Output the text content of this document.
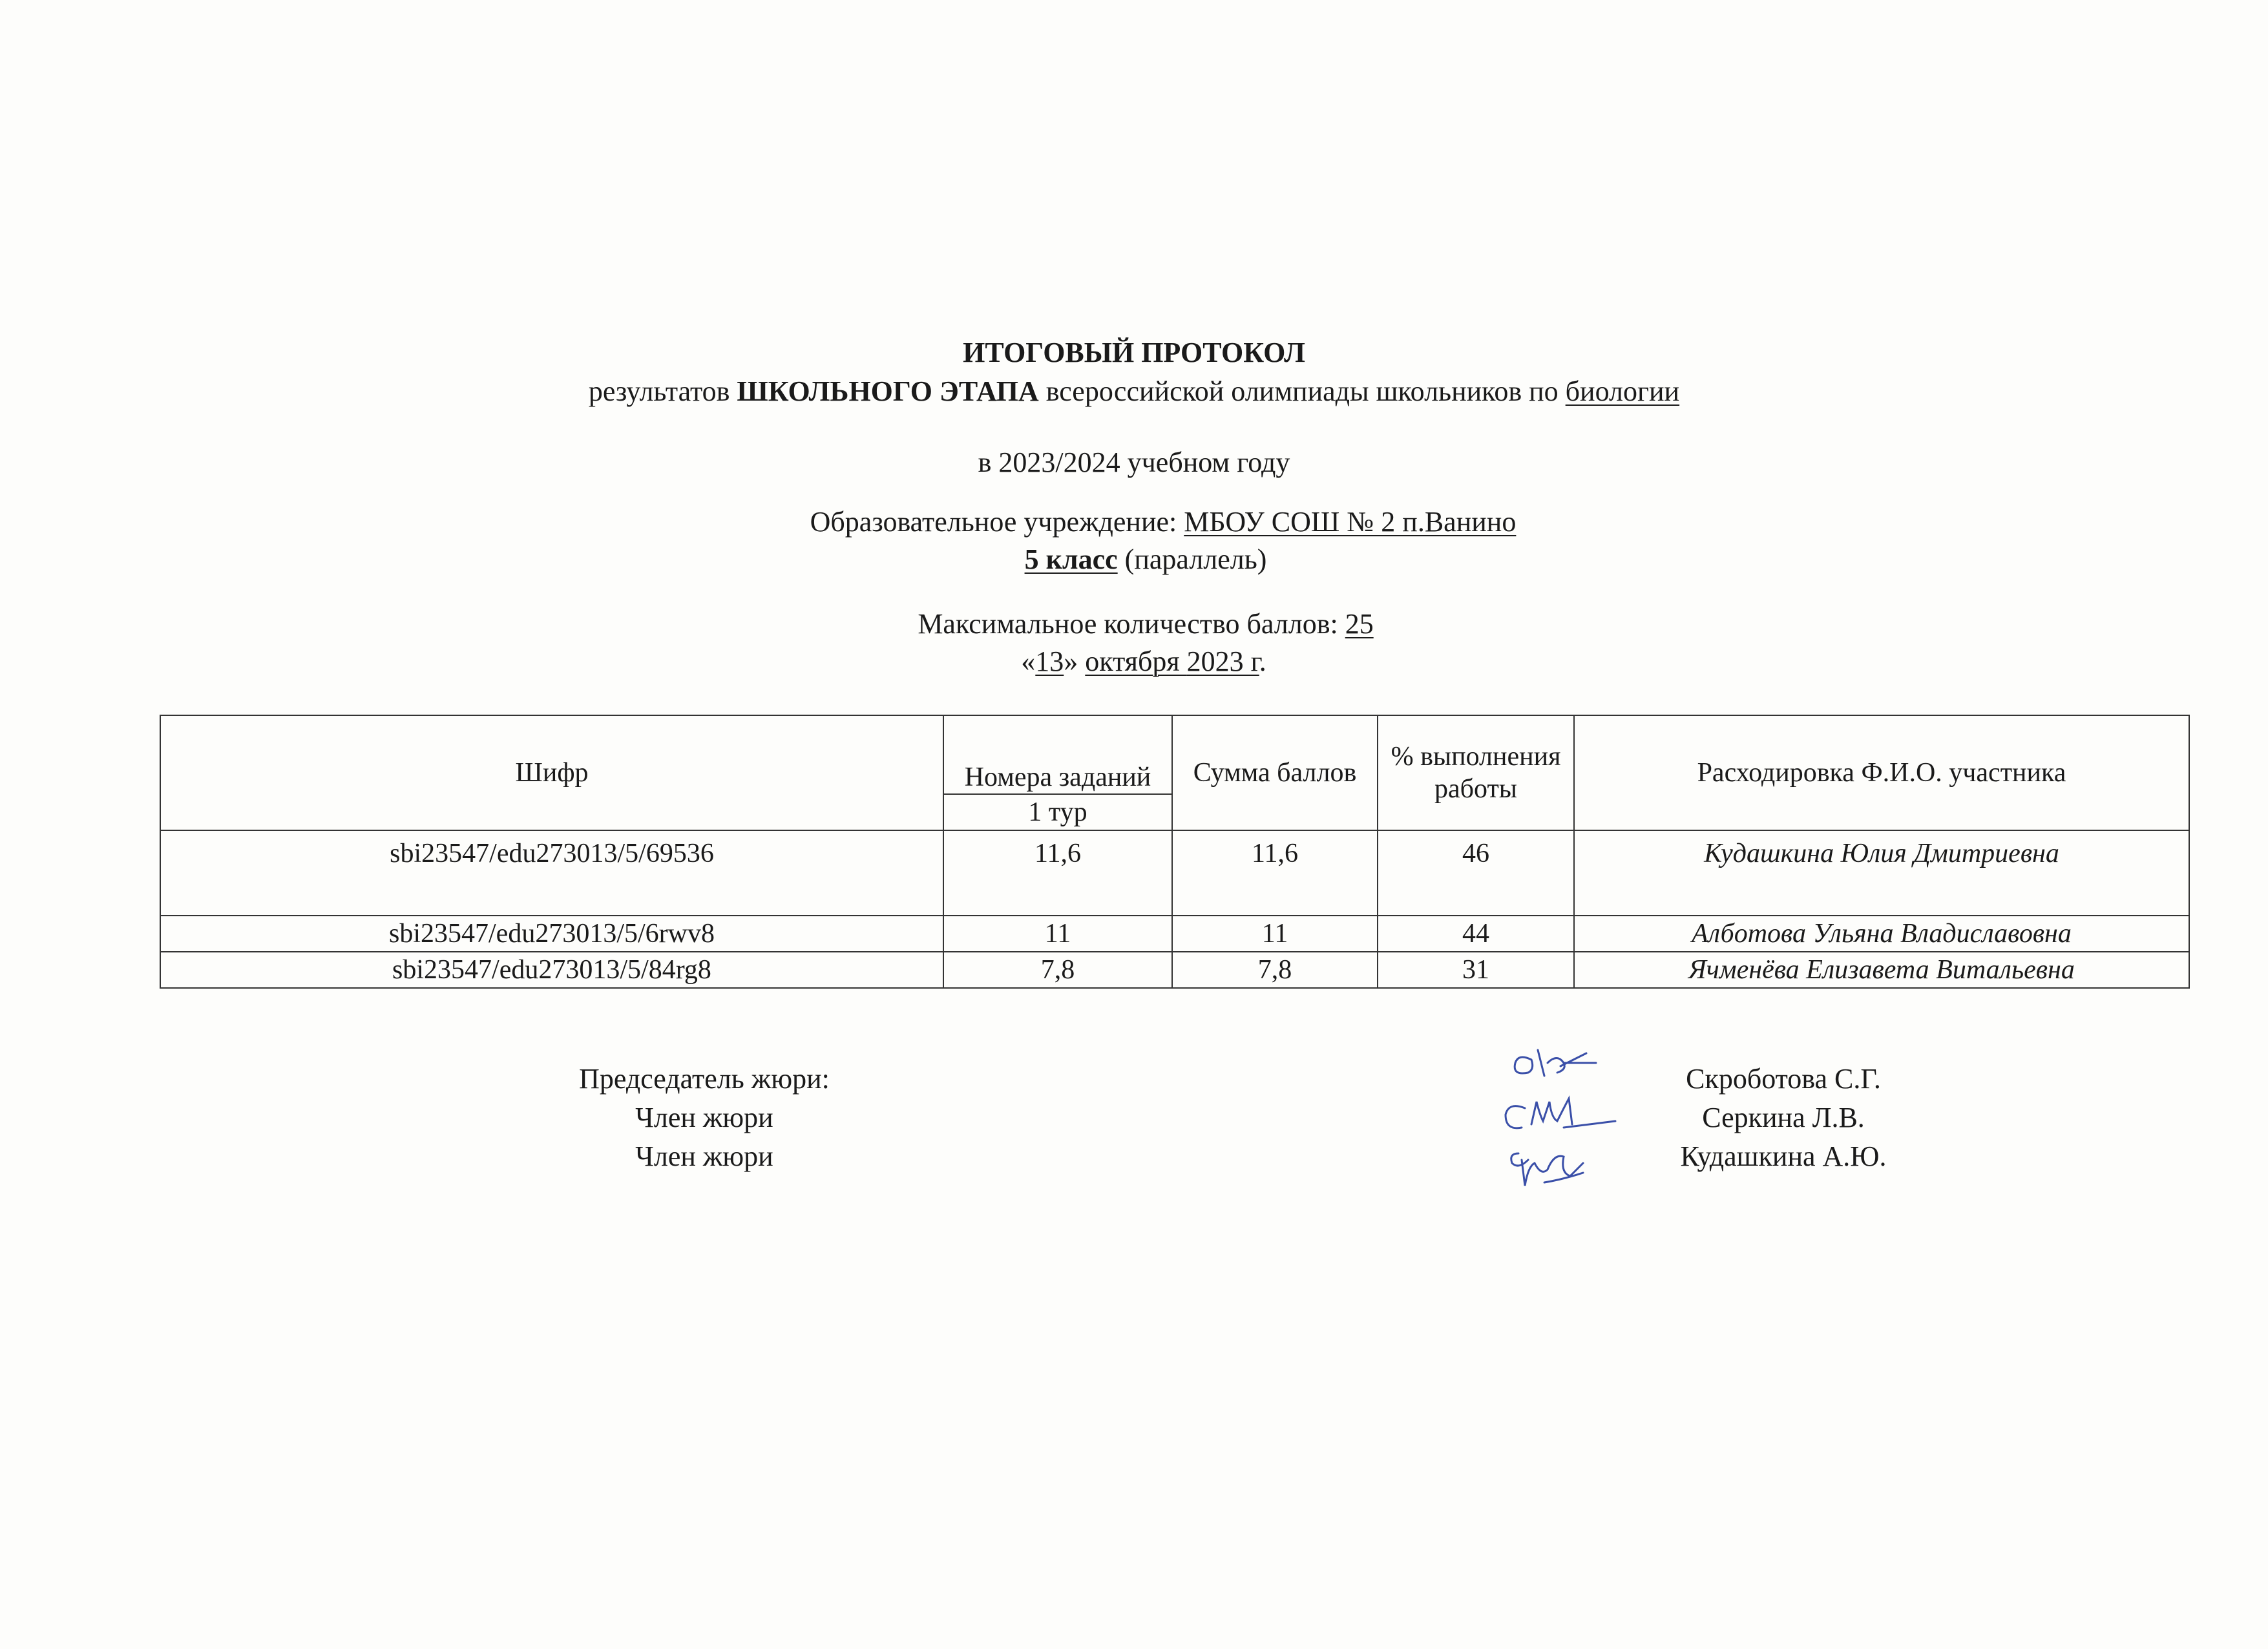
ИТОГОВЫЙ ПРОТОКОЛ
результатов ШКОЛЬНОГО ЭТАПА всероссийской олимпиады школьников по биологии
в 2023/2024 учебном году
Образовательное учреждение: МБОУ СОШ № 2 п.Ванино
5 класс (параллель)
Максимальное количество баллов: 25
«13» октября 2023 г.
Шифр	Номера заданий	Сумма баллов	% выполнения работы	Расходировка Ф.И.О. участника
	1 тур			
sbi23547/edu273013/5/69536	11,6	11,6	46	Кудашкина Юлия Дмитриевна
sbi23547/edu273013/5/6rwv8	11	11	44	Албoтова Ульяна Владиславовна
sbi23547/edu273013/5/84rg8	7,8	7,8	31	Ячменёва Елизавета Витальевна
Председатель жюри:
Член жюри
Член жюри
Скроботова С.Г.
Серкина Л.В.
Кудашкина А.Ю.
